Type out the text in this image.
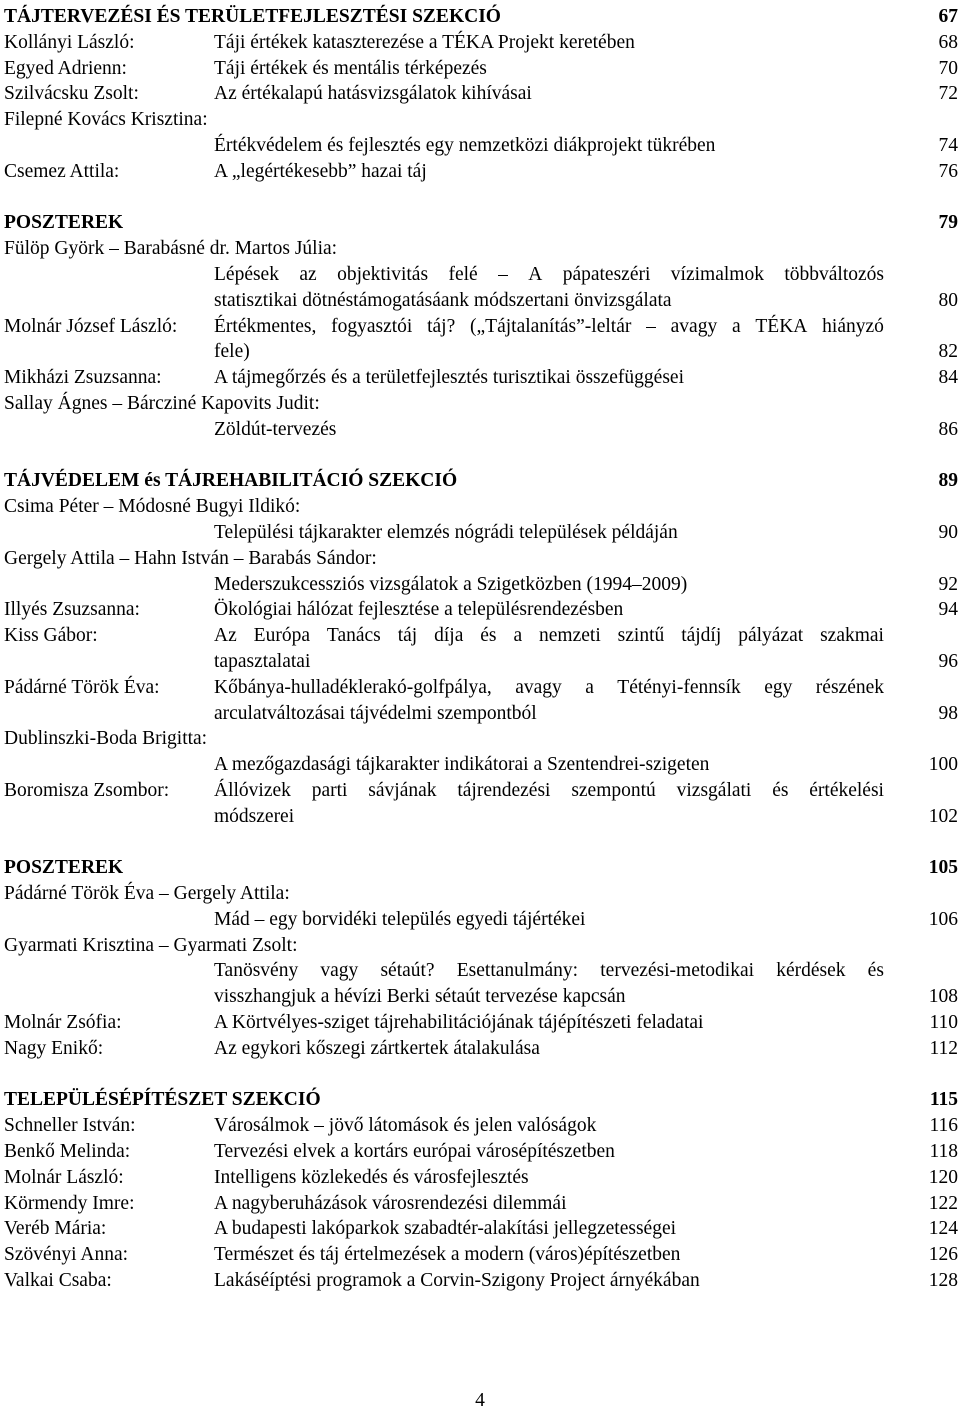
TÁJTERVEZÉSI ÉS TERÜLETFEJLESZTÉSI SZEKCIÓ	67
Kollányi László:	Táji értékek kataszterezése a TÉKA Projekt keretében	68
Egyed Adrienn:	Táji értékek és mentális térképezés	70
Szilvácsku Zsolt:	Az értékalapú hatásvizsgálatok kihívásai	72
Filepné Kovács Krisztina:
Értékvédelem és fejlesztés egy nemzetközi diákprojekt tükrében	74
Csemez Attila:	A „legértékesebb” hazai táj	76
POSZTEREK	79
Fülöp Györk – Barabásné dr. Martos Júlia:
Lépések az objektivitás felé – A pápateszéri vízimalmok többváltozós
statisztikai dötnéstámogatásáank módszertani önvizsgálata	80
Molnár József László: Értékmentes, fogyasztói táj? („Tájtalanítás”-leltár – avagy a TÉKA hiányzó
fele)	82
Mikházi Zsuzsanna:	A tájmegőrzés és a területfejlesztés turisztikai összefüggései	84
Sallay Ágnes – Bárcziné Kapovits Judit:
Zöldút-tervezés	86
TÁJVÉDELEM és TÁJREHABILITÁCIÓ SZEKCIÓ	89
Csima Péter – Módosné Bugyi Ildikó:
Települési tájkarakter elemzés nógrádi települések példáján	90
Gergely Attila – Hahn István – Barabás Sándor:
Mederszukcessziós vizsgálatok a Szigetközben (1994–2009)	92
Illyés Zsuzsanna:	Ökológiai hálózat fejlesztése a településrendezésben	94
Kiss Gábor:	Az Európa Tanács táj díja és a nemzeti szintű tájdíj pályázat szakmai
tapasztalatai	96
Pádárné Török Éva:	Kőbánya-hulladéklerakó-golfpálya, avagy a Tétényi-fennsík egy részének
arculatváltozásai tájvédelmi szempontból	98
Dublinszki-Boda Brigitta:
A mezőgazdasági tájkarakter indikátorai a Szentendrei-szigeten	100
Boromisza Zsombor: Állóvizek parti sávjának tájrendezési szempontú vizsgálati és értékelési
módszerei	102
POSZTEREK	105
Pádárné Török Éva – Gergely Attila:
Mád – egy borvidéki település egyedi tájértékei	106
Gyarmati Krisztina – Gyarmati Zsolt:
Tanösvény vagy sétaút? Esettanulmány: tervezési-metodikai kérdések és
visszhangjuk a hévízi Berki sétaút tervezése kapcsán	108
Molnár Zsófia:	A Körtvélyes-sziget tájrehabilitációjának tájépítészeti feladatai	110
Nagy Enikő:	Az egykori kőszegi zártkertek átalakulása	112
TELEPÜLÉSÉPÍTÉSZET SZEKCIÓ	115
Schneller István:	Városálmok – jövő látomások és jelen valóságok	116
Benkő Melinda:	Tervezési elvek a kortárs európai városépítészetben	118
Molnár László:	Intelligens közlekedés és városfejlesztés	120
Körmendy Imre:	A nagyberuházások városrendezési dilemmái	122
Veréb Mária:	A budapesti lakóparkok szabadtér-alakítási jellegzetességei	124
Szövényi Anna:	Természet és táj értelmezések a modern (város)építészetben	126
Valkai Csaba:	Lakáséíptési programok a Corvin-Szigony Project árnyékában	128
4
